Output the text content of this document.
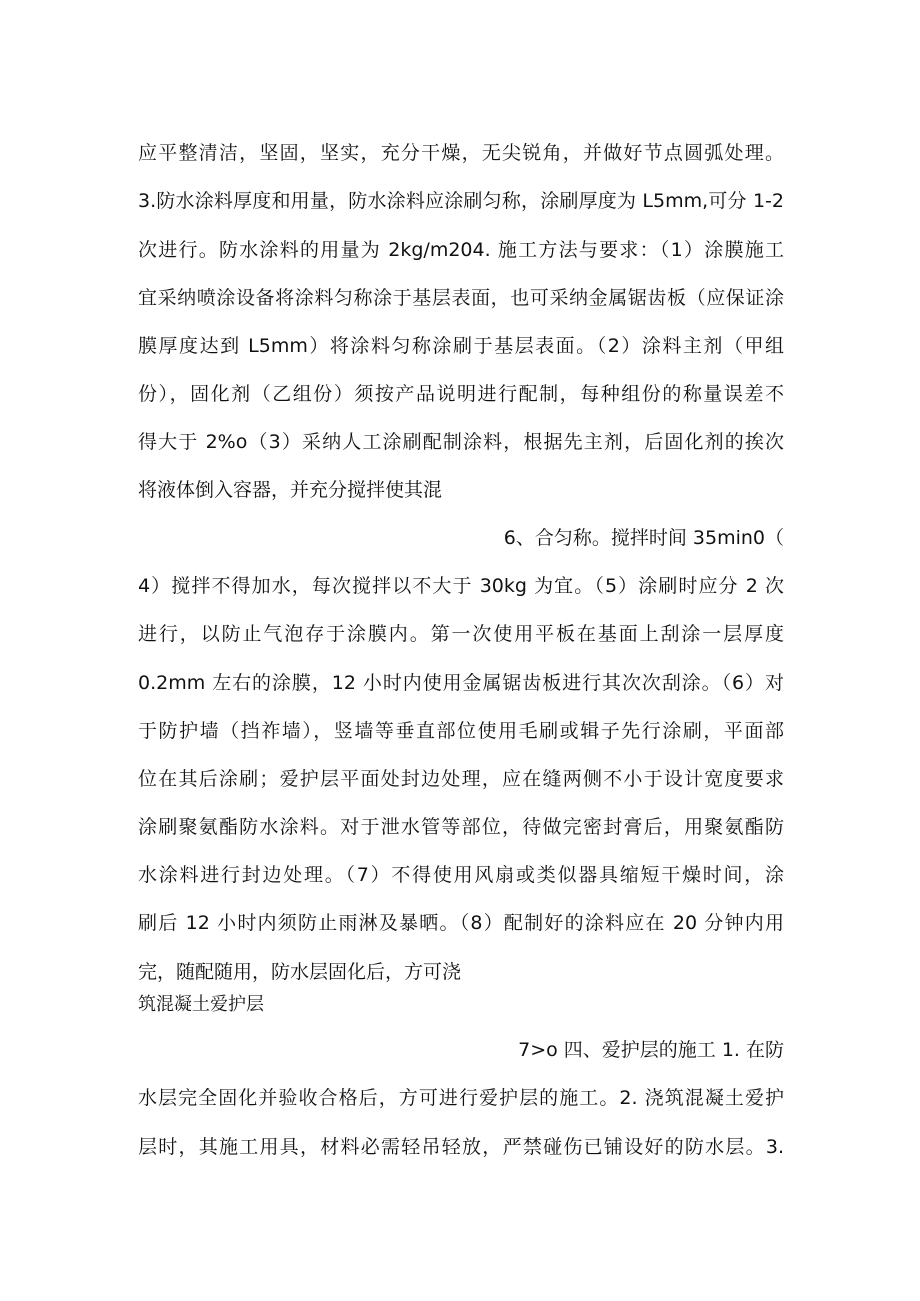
应平整清洁，坚固，坚实，充分干燥，无尖锐角，并做好节点圆弧处理。
3.防水涂料厚度和用量，防水涂料应涂刷匀称，涂刷厚度为 L5mm,可分 1-2
次进行。防水涂料的用量为 2kg/m204. 施工方法与要求：（1）涂膜施工
宜采纳喷涂设备将涂料匀称涂于基层表面，也可采纳金属锯齿板（应保证涂
膜厚度达到 L5mm）将涂料匀称涂刷于基层表面。（2）涂料主剂（甲组
份），固化剂（乙组份）须按产品说明进行配制，每种组份的称量误差不
得大于 2%o（3）采纳人工涂刷配制涂料，根据先主剂，后固化剂的挨次
将液体倒入容器，并充分搅拌使其混
6、合匀称。搅拌时间 35min0（
4）搅拌不得加水，每次搅拌以不大于 30kg 为宜。（5）涂刷时应分 2 次
进行，以防止气泡存于涂膜内。第一次使用平板在基面上刮涂一层厚度
0.2mm 左右的涂膜，12 小时内使用金属锯齿板进行其次次刮涂。（6）对
于防护墙（挡祚墙），竖墙等垂直部位使用毛刷或辑子先行涂刷，平面部
位在其后涂刷；爱护层平面处封边处理，应在缝两侧不小于设计宽度要求
涂刷聚氨酯防水涂料。对于泄水管等部位，待做完密封膏后，用聚氨酯防
水涂料进行封边处理。（7）不得使用风扇或类似器具缩短干燥时间，涂
刷后 12 小时内须防止雨淋及暴晒。（8）配制好的涂料应在 20 分钟内用
完，随配随用，防水层固化后，方可浇
筑混凝土爱护层
7>o 四、爱护层的施工 1. 在防
水层完全固化并验收合格后，方可进行爱护层的施工。2. 浇筑混凝土爱护
层时，其施工用具，材料必需轻吊轻放，严禁碰伤已铺设好的防水层。3.
